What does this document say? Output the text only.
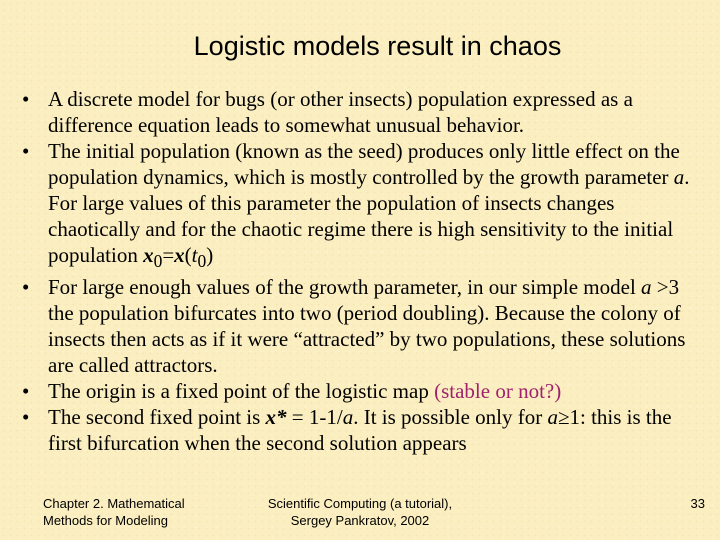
Logistic models result in chaos
• A discrete model for bugs (or other insects) population expressed as a difference equation leads to somewhat unusual behavior.
• The initial population (known as the seed) produces only little effect on the population dynamics, which is mostly controlled by the growth parameter a. For large values of this parameter the population of insects changes chaotically and for the chaotic regime there is high sensitivity to the initial population $x_0=x(t_0)$
• For large enough values of the growth parameter, in our simple model a >3 the population bifurcates into two (period doubling). Because the colony of insects then acts as if it were “attracted” by two populations, these solutions are called attractors.
• The origin is a fixed point of the logistic map (stable or not?)
• The second fixed point is x* = 1-1/a. It is possible only for a≥1: this is the first bifurcation when the second solution appears
Chapter 2. Mathematical
Methods for Modeling
Scientific Computing (a tutorial),
Sergey Pankratov, 2002
33
